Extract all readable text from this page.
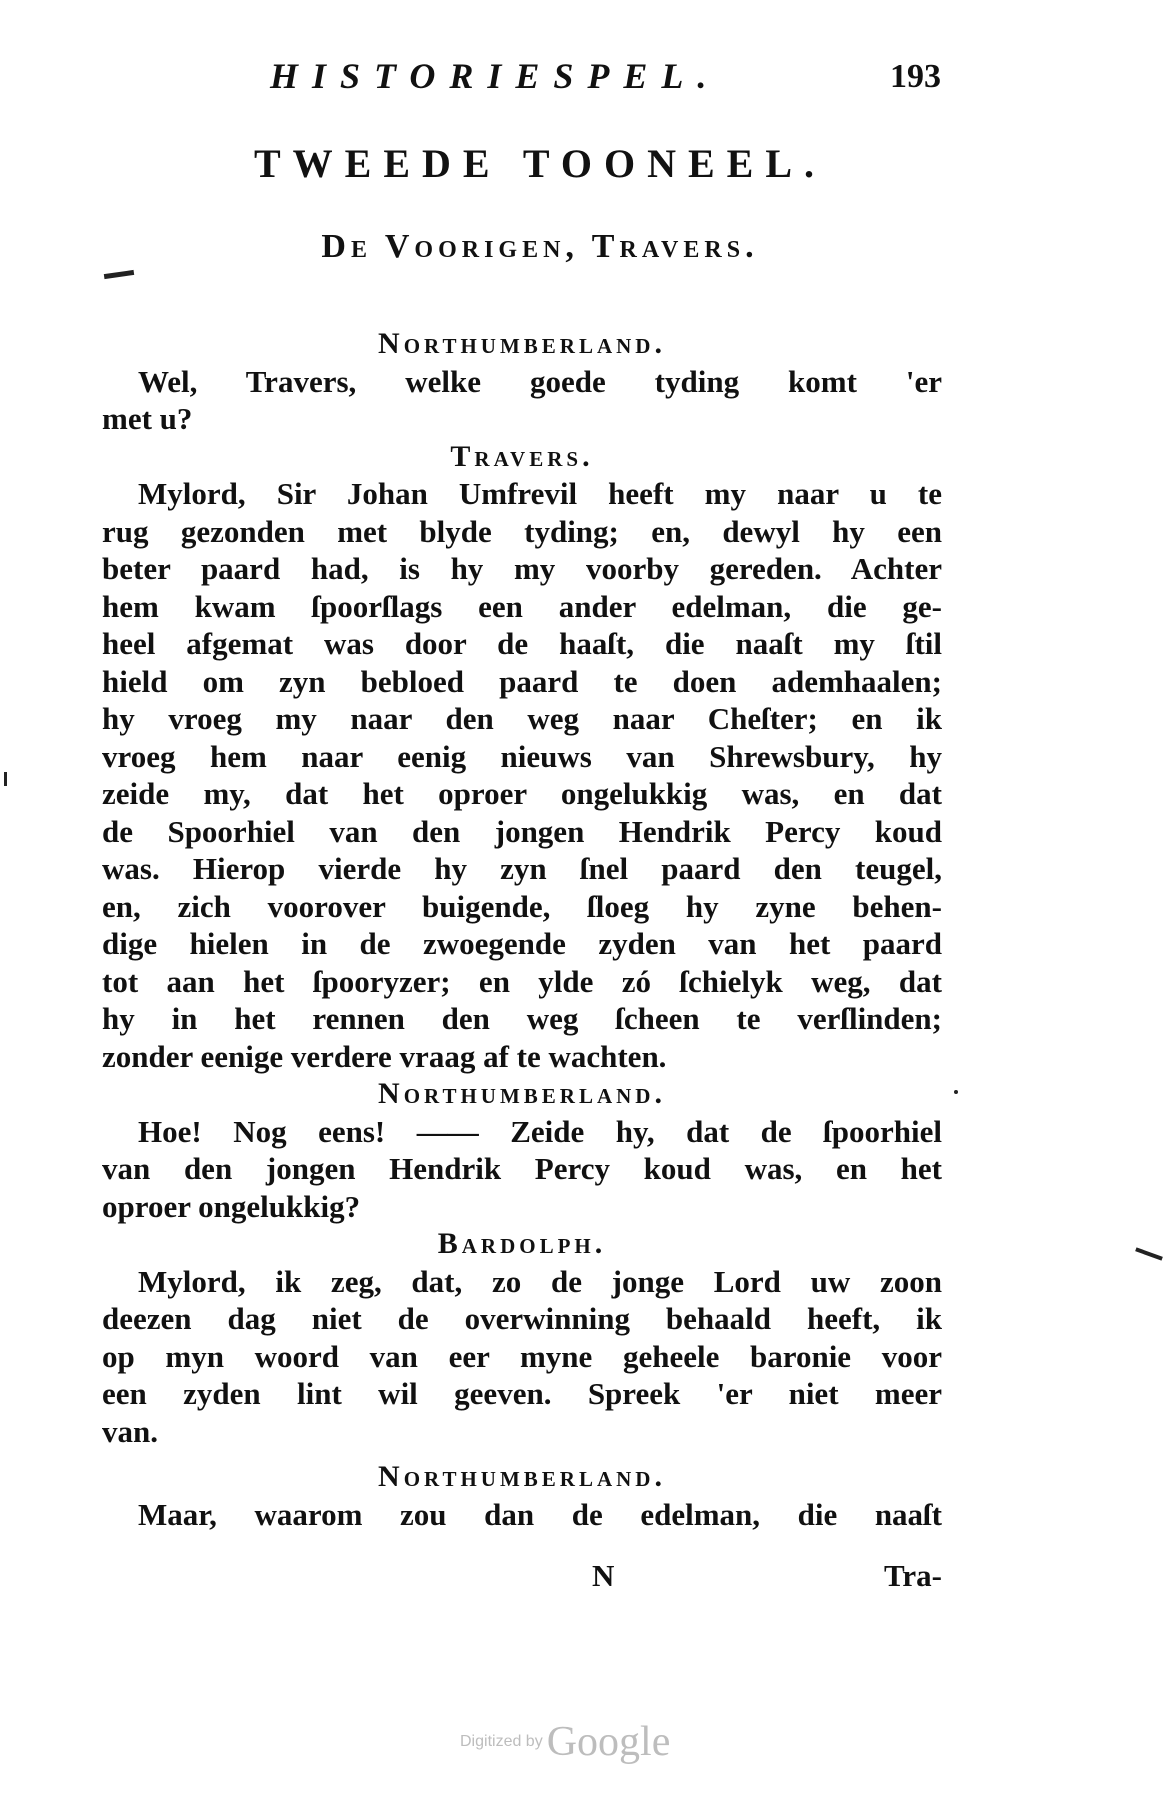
HISTORIESPEL.	193
TWEEDE TOONEEL.
De Voorigen, Travers.

Northumberland.

Wel, Travers, welke goede tyding komt 'er
met u?

Travers.

Mylord, Sir Johan Umfrevil heeft my naar u te
rug gezonden met blyde tyding; en, dewyl hy een
beter paard had, is hy my voorby gereden. Achter
hem kwam ſpoorſlags een ander edelman, die ge-
heel afgemat was door de haaſt, die naaſt my ſtil
hield om zyn bebloed paard te doen ademhaalen;
hy vroeg my naar den weg naar Cheſter; en ik
vroeg hem naar eenig nieuws van Shrewsbury, hy
zeide my, dat het oproer ongelukkig was, en dat
de Spoorhiel van den jongen Hendrik Percy koud
was. Hierop vierde hy zyn ſnel paard den teugel,
en, zich voorover buigende, ſloeg hy zyne behen-
dige hielen in de zwoegende zyden van het paard
tot aan het ſpooryzer; en ylde zó ſchielyk weg, dat
hy in het rennen den weg ſcheen te verſlinden;
zonder eenige verdere vraag af te wachten.

Northumberland.

Hoe! Nog eens! —— Zeide hy, dat de ſpoorhiel
van den jongen Hendrik Percy koud was, en het
oproer ongelukkig?

Bardolph.

Mylord, ik zeg, dat, zo de jonge Lord uw zoon
deezen dag niet de overwinning behaald heeft, ik
op myn woord van eer myne geheele baronie voor
een zyden lint wil geeven. Spreek 'er niet meer
van.

Northumberland.

Maar, waarom zou dan de edelman, die naaſt

N	Tra-
Digitized by Google
